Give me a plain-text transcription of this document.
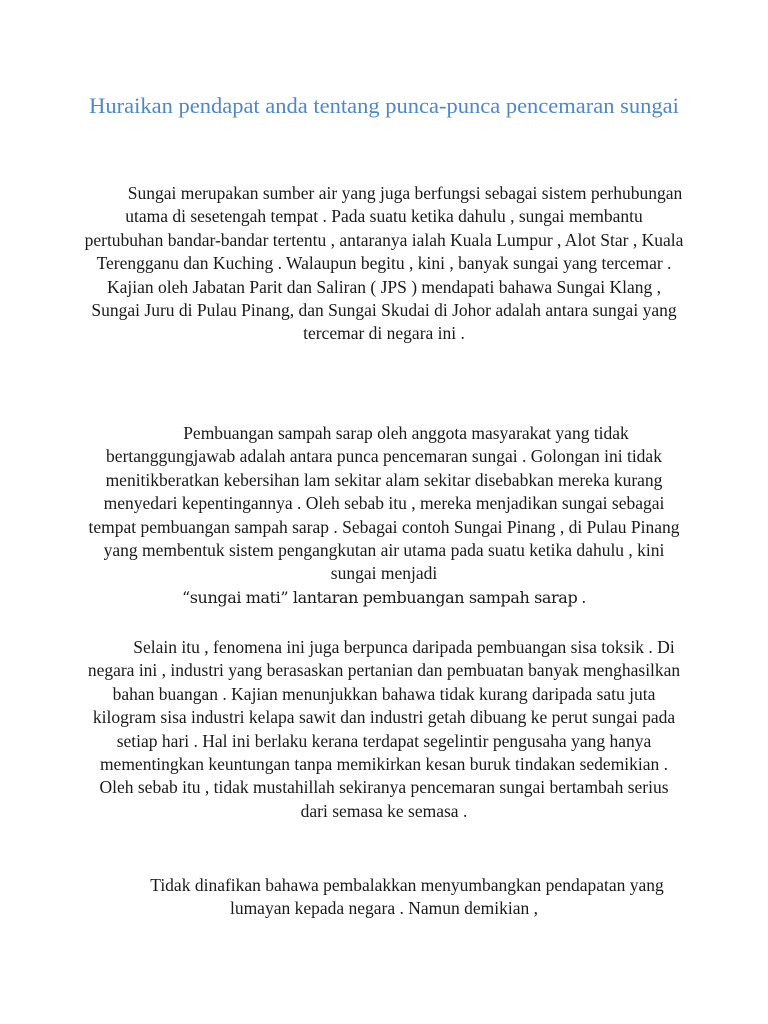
Huraikan pendapat anda tentang punca-punca pencemaran sungai

Sungai merupakan sumber air yang juga berfungsi sebagai sistem perhubungan utama di sesetengah tempat . Pada suatu ketika dahulu , sungai membantu pertubuhan bandar-bandar tertentu , antaranya ialah Kuala Lumpur , Alot Star , Kuala Terengganu dan Kuching . Walaupun begitu , kini , banyak sungai yang tercemar . Kajian oleh Jabatan Parit dan Saliran ( JPS ) mendapati bahawa Sungai Klang , Sungai Juru di Pulau Pinang, dan Sungai Skudai di Johor adalah antara sungai yang tercemar di negara ini .

Pembuangan sampah sarap oleh anggota masyarakat yang tidak bertanggungjawab adalah antara punca pencemaran sungai . Golongan ini tidak menitikberatkan kebersihan lam sekitar alam sekitar disebabkan mereka kurang menyedari kepentingannya . Oleh sebab itu , mereka menjadikan sungai sebagai tempat pembuangan sampah sarap . Sebagai contoh Sungai Pinang , di Pulau Pinang yang membentuk sistem pengangkutan air utama pada suatu ketika dahulu , kini sungai menjadi
“sungai mati” lantaran pembuangan sampah sarap .

Selain itu , fenomena ini juga berpunca daripada pembuangan sisa toksik . Di negara ini , industri yang berasaskan pertanian dan pembuatan banyak menghasilkan bahan buangan . Kajian menunjukkan bahawa tidak kurang daripada satu juta kilogram sisa industri kelapa sawit dan industri getah dibuang ke perut sungai pada setiap hari . Hal ini berlaku kerana terdapat segelintir pengusaha yang hanya mementingkan keuntungan tanpa memikirkan kesan buruk tindakan sedemikian . Oleh sebab itu , tidak mustahillah sekiranya pencemaran sungai bertambah serius dari semasa ke semasa .

Tidak dinafikan bahawa pembalakkan menyumbangkan pendapatan yang lumayan kepada negara . Namun demikian ,
